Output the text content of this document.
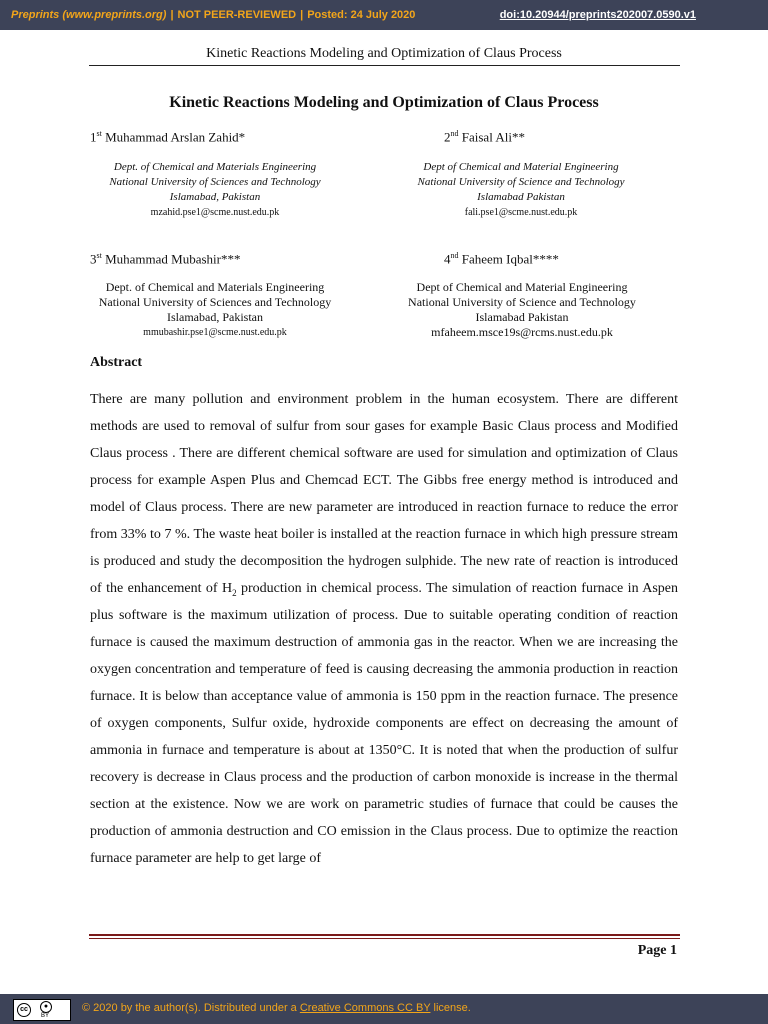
Preprints (www.preprints.org) | NOT PEER-REVIEWED | Posted: 24 July 2020	doi:10.20944/preprints202007.0590.v1
Kinetic Reactions Modeling and Optimization of Claus Process
Kinetic Reactions Modeling and Optimization of Claus Process
1st Muhammad Arslan Zahid*
Dept. of Chemical and Materials Engineering
National University of Sciences and Technology
Islamabad, Pakistan
mzahid.pse1@scme.nust.edu.pk
2nd Faisal Ali**
Dept of Chemical and Material Engineering
National University of Science and Technology
Islamabad Pakistan
fali.pse1@scme.nust.edu.pk
3st Muhammad Mubashir***
Dept. of Chemical and Materials Engineering
National University of Sciences and Technology
Islamabad, Pakistan
mmubashir.pse1@scme.nust.edu.pk
4nd Faheem Iqbal****
Dept of Chemical and Material Engineering
National University of Science and Technology
Islamabad Pakistan
mfaheem.msce19s@rcms.nust.edu.pk
Abstract
There are many pollution and environment problem in the human ecosystem. There are different methods are used to removal of sulfur from sour gases for example Basic Claus process and Modified Claus process . There are different chemical software are used for simulation and optimization of Claus process for example Aspen Plus and Chemcad ECT. The Gibbs free energy method is introduced and model of Claus process. There are new parameter are introduced in reaction furnace to reduce the error from 33% to 7 %. The waste heat boiler is installed at the reaction furnace in which high pressure stream is produced and study the decomposition the hydrogen sulphide. The new rate of reaction is introduced of the enhancement of $H_2$ production in chemical process. The simulation of reaction furnace in Aspen plus software is the maximum utilization of process. Due to suitable operating condition of reaction furnace is caused the maximum destruction of ammonia gas in the reactor. When we are increasing the oxygen concentration and temperature of feed is causing decreasing the ammonia production in reaction furnace. It is below than acceptance value of ammonia is 150 ppm in the reaction furnace. The presence of oxygen components, Sulfur oxide, hydroxide components are effect on decreasing the amount of ammonia in furnace and temperature is about at 1350°C. It is noted that when the production of sulfur recovery is decrease in Claus process and the production of carbon monoxide is increase in the thermal section at the existence. Now we are work on parametric studies of furnace that could be causes the production of ammonia destruction and CO emission in the Claus process. Due to optimize the reaction furnace parameter are help to get large of
Page 1
cc	●
BY
© 2020 by the author(s). Distributed under a Creative Commons CC BY license.
